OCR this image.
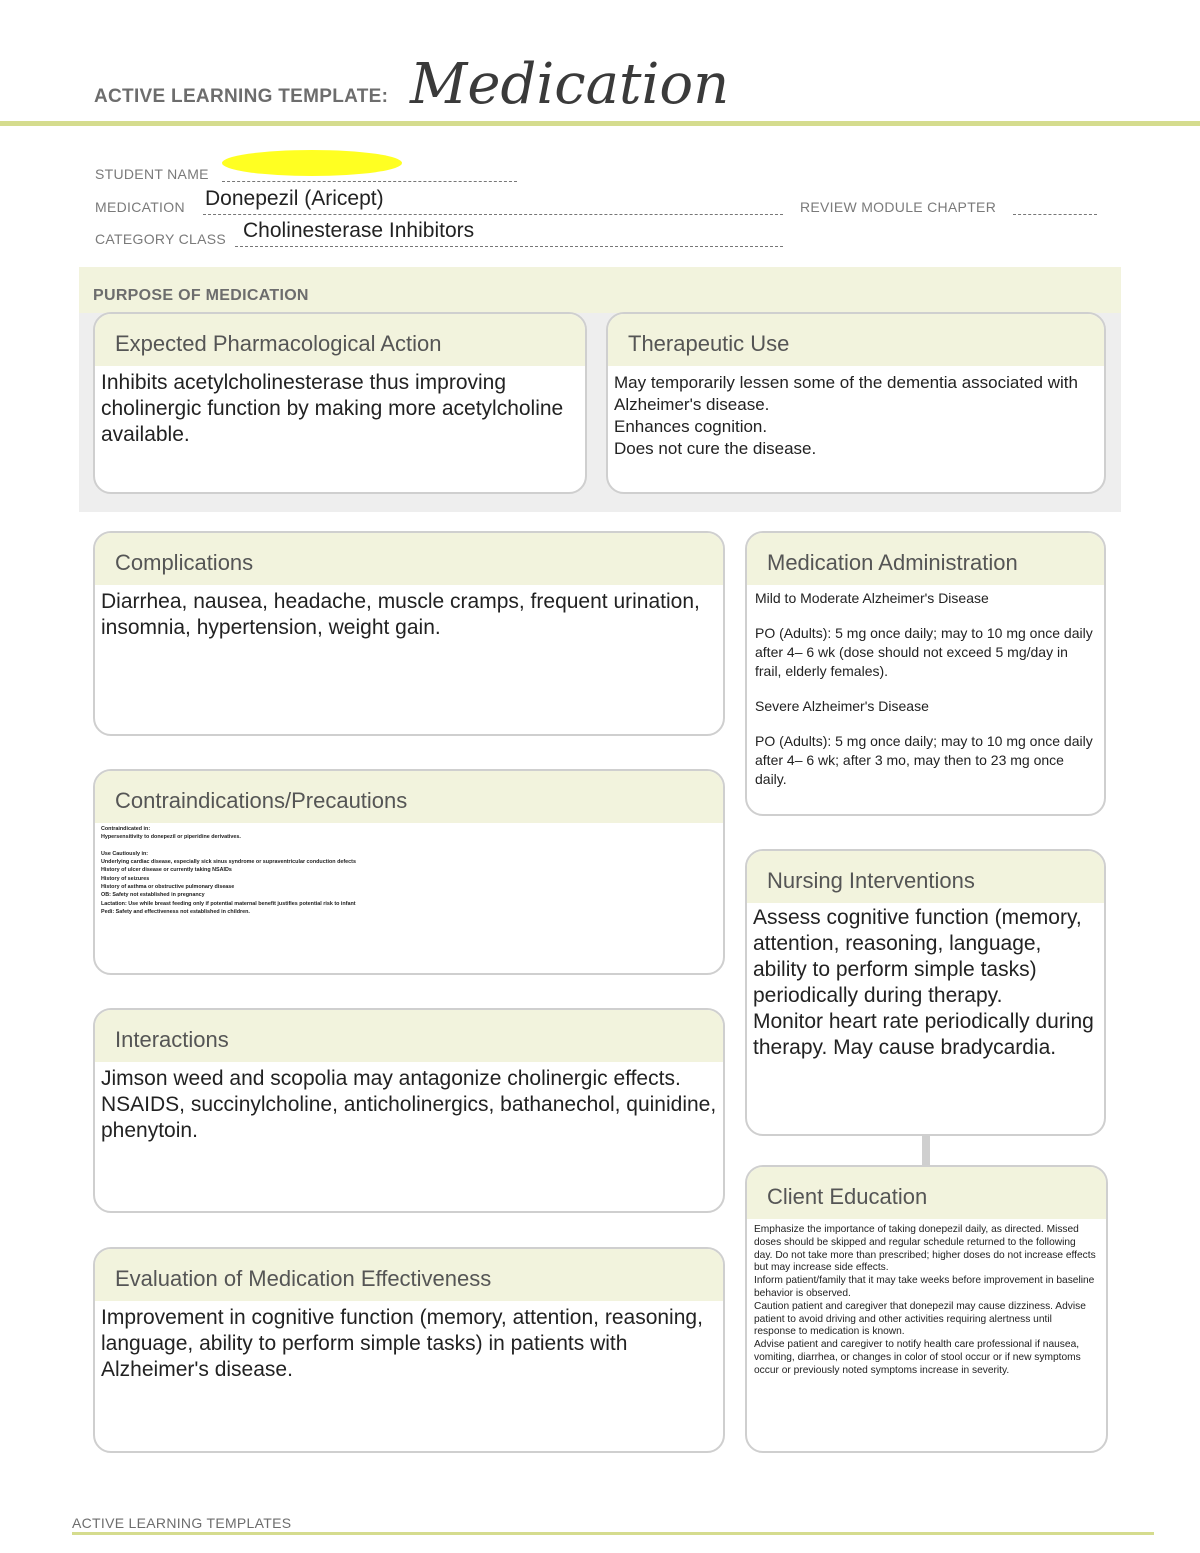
ACTIVE LEARNING TEMPLATE: Medication
STUDENT NAME
MEDICATION Donepezil (Aricept)	REVIEW MODULE CHAPTER
CATEGORY CLASS Cholinesterase Inhibitors
PURPOSE OF MEDICATION
Expected Pharmacological Action
Inhibits acetylcholinesterase thus improving cholinergic function by making more acetylcholine available.
Therapeutic Use
May temporarily lessen some of the dementia associated with Alzheimer's disease.
Enhances cognition.
Does not cure the disease.
Complications
Diarrhea, nausea, headache, muscle cramps, frequent urination, insomnia, hypertension, weight gain.
Medication Administration
Mild to Moderate Alzheimer's Disease
PO (Adults): 5 mg once daily; may to 10 mg once daily after 4– 6 wk (dose should not exceed 5 mg/day in frail, elderly females).
Severe Alzheimer's Disease
PO (Adults): 5 mg once daily; may to 10 mg once daily after 4– 6 wk; after 3 mo, may then to 23 mg once daily.
Contraindications/Precautions
Contraindicated in:
Hypersensitivity to donepezil or piperidine derivatives.
Use Cautiously in:
Underlying cardiac disease, especially sick sinus syndrome or supraventricular conduction defects
History of ulcer disease or currently taking NSAIDs
History of seizures
History of asthma or obstructive pulmonary disease
OB: Safety not established in pregnancy
Lactation: Use while breast feeding only if potential maternal benefit justifies potential risk to infant
Pedi: Safety and effectiveness not established in children.
Nursing Interventions
Assess cognitive function (memory, attention, reasoning, language, ability to perform simple tasks) periodically during therapy.
Monitor heart rate periodically during therapy. May cause bradycardia.
Interactions
Jimson weed and scopolia may antagonize cholinergic effects.
NSAIDS, succinylcholine, anticholinergics, bathanechol, quinidine, phenytoin.
Client Education
Emphasize the importance of taking donepezil daily, as directed. Missed doses should be skipped and regular schedule returned to the following day. Do not take more than prescribed; higher doses do not increase effects but may increase side effects.
Inform patient/family that it may take weeks before improvement in baseline behavior is observed.
Caution patient and caregiver that donepezil may cause dizziness. Advise patient to avoid driving and other activities requiring alertness until response to medication is known.
Advise patient and caregiver to notify health care professional if nausea, vomiting, diarrhea, or changes in color of stool occur or if new symptoms occur or previously noted symptoms increase in severity.
Evaluation of Medication Effectiveness
Improvement in cognitive function (memory, attention, reasoning, language, ability to perform simple tasks) in patients with Alzheimer's disease.
ACTIVE LEARNING TEMPLATES
